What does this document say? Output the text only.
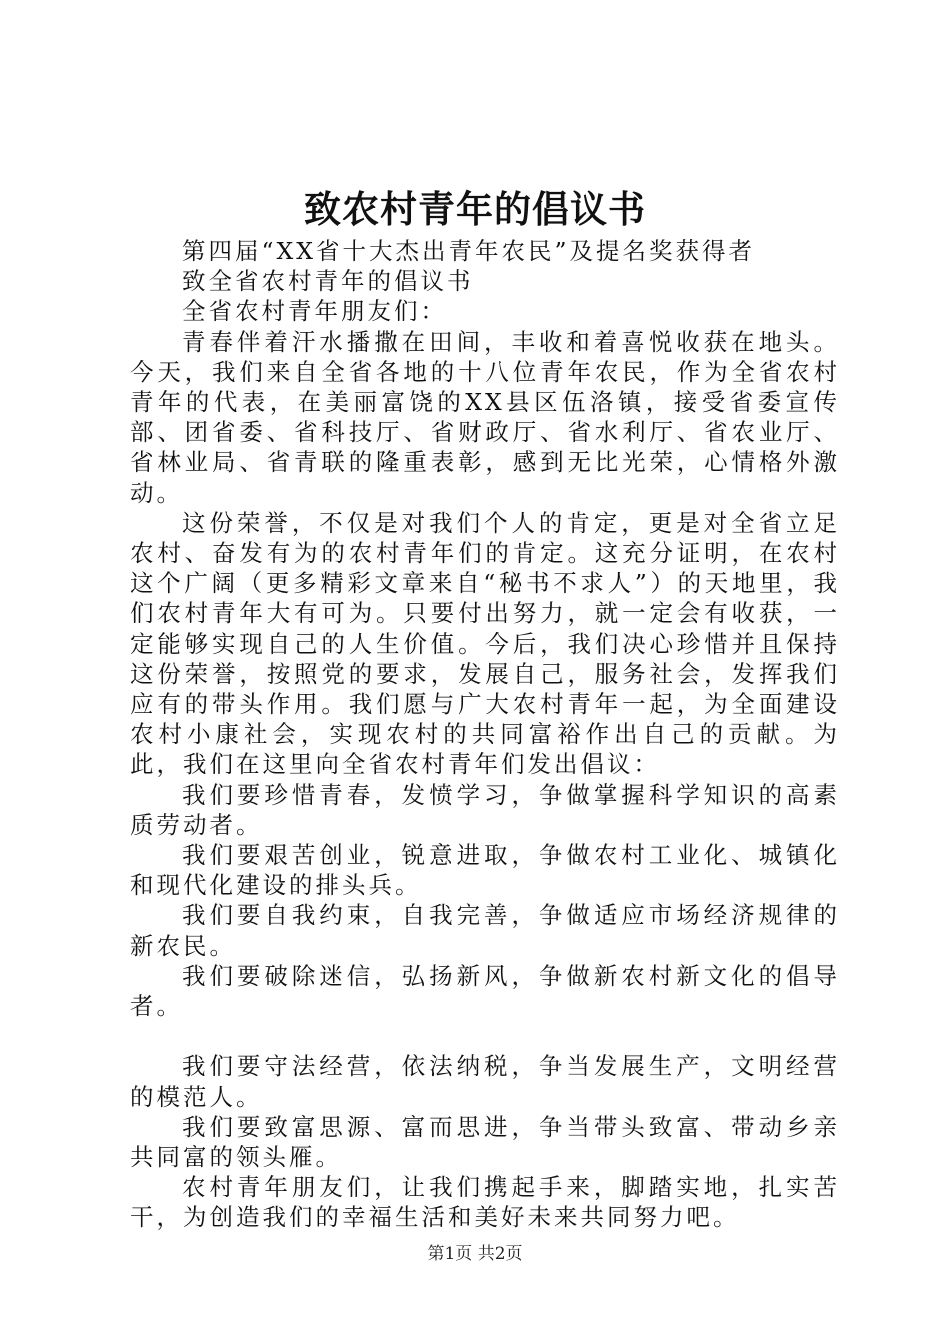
致农村青年的倡议书

第四届“XX省十大杰出青年农民”及提名奖获得者

致全省农村青年的倡议书

全省农村青年朋友们：

青春伴着汗水播撒在田间，丰收和着喜悦收获在地头。今天，我们来自全省各地的十八位青年农民，作为全省农村青年的代表，在美丽富饶的XX县区伍洛镇，接受省委宣传部、团省委、省科技厅、省财政厅、省水利厅、省农业厅、省林业局、省青联的隆重表彰，感到无比光荣，心情格外激动。

这份荣誉，不仅是对我们个人的肯定，更是对全省立足农村、奋发有为的农村青年们的肯定。这充分证明，在农村这个广阔（更多精彩文章来自“秘书不求人”）的天地里，我们农村青年大有可为。只要付出努力，就一定会有收获，一定能够实现自己的人生价值。今后，我们决心珍惜并且保持这份荣誉，按照党的要求，发展自己，服务社会，发挥我们应有的带头作用。我们愿与广大农村青年一起，为全面建设农村小康社会，实现农村的共同富裕作出自己的贡献。为此，我们在这里向全省农村青年们发出倡议：

我们要珍惜青春，发愤学习，争做掌握科学知识的高素质劳动者。

我们要艰苦创业，锐意进取，争做农村工业化、城镇化和现代化建设的排头兵。

我们要自我约束，自我完善，争做适应市场经济规律的新农民。

我们要破除迷信，弘扬新风，争做新农村新文化的倡导者。

我们要守法经营，依法纳税，争当发展生产，文明经营的模范人。

我们要致富思源、富而思进，争当带头致富、带动乡亲共同富的领头雁。

农村青年朋友们，让我们携起手来，脚踏实地，扎实苦干，为创造我们的幸福生活和美好未来共同努力吧。

第1页 共2页
